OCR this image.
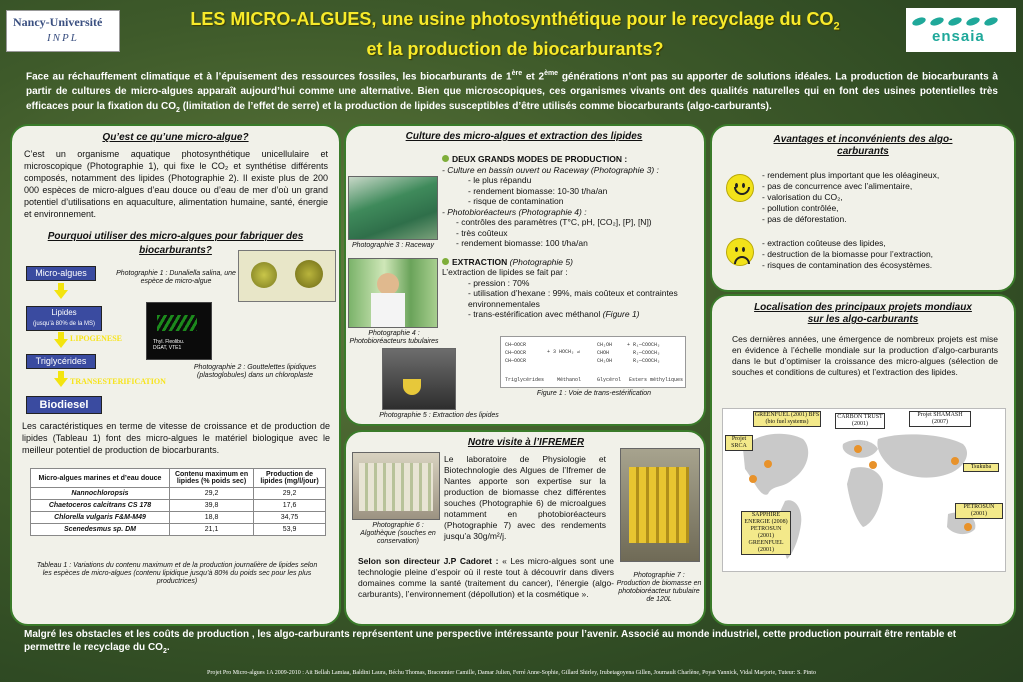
Nancy-Université
INPL
LES MICRO-ALGUES, une usine photosynthétique pour le recyclage du $CO_2$
et la production de biocarburants?
ensaia
Face au réchauffement climatique et à l’épuisement des ressources fossiles, les biocarburants de 1ère et 2ème générations n’ont pas su apporter de solutions idéales. La production de biocarburants à partir de cultures de micro-algues apparaît aujourd’hui comme une alternative. Bien que microscopiques, ces organismes vivants ont des qualités naturelles qui en font des usines potentielles très efficaces pour la fixation du $CO_2$ (limitation de l’effet de serre) et la production de lipides susceptibles d’être utilisés comme biocarburants (algo-carburants).
Qu’est ce qu’une micro-algue?
C’est un organisme aquatique photosynthétique unicellulaire et microscopique (Photographie 1), qui fixe le CO₂ et synthétise différents composés, notamment des lipides (Photographie 2). Il existe plus de 200 000 espèces de micro-algues d’eau douce ou d’eau de mer d’où un grand potentiel d’utilisations en aquaculture, alimentation humaine, santé, énergie et environnement.
Pourquoi utiliser des micro-algues pour fabriquer des biocarburants?
Micro-algues
Lipides
(jusqu’à 80% de la MS)
LIPOGENESE
Triglycérides
TRANSESTERIFICATION
Biodiesel
Photographie 1 : Dunaliella salina, une espèce de micro-algue
Thyl. Fleolibu.
DGAT, VTE1
Photographie 2 : Gouttelettes lipidiques (plastoglobules) dans un chloroplaste
Les caractéristiques en terme de vitesse de croissance et de production de lipides (Tableau 1) font des micro-algues le matériel biologique avec le meilleur potentiel de production de biocarburants.
Micro-algues marines et d’eau douce	Contenu maximum en lipides (% poids sec)	Production de lipides (mg/l/jour)
Nannochloropsis	29,2	29,2
Chaetoceros calcitrans CS 178	39,8	17,6
Chlorella vulgaris F&M-M49	18,8	34,75
Scenedesmus sp. DM	21,1	53,9
Tableau 1 : Variations du contenu maximum et de la production journalière de lipides selon les espèces de micro-algues (contenu lipidique jusqu’à 80% du poids sec pour les plus productrices)
Culture des micro-algues et extraction des lipides
Photographie 3 : Raceway
Photographie 4 : Photobioréacteurs tubulaires
Photographie 5 : Extraction des lipides
DEUX GRANDS MODES DE PRODUCTION :
- Culture en bassin ouvert ou Raceway (Photographie 3) :
- le plus répandu
- rendement biomasse: 10-30 t/ha/an
- risque de contamination
- Photobioréacteurs (Photographie 4) :
- contrôles des paramètres (T°C, pH, [CO₂], [P], [N])
- très coûteux
- rendement biomasse: 100 t/ha/an
EXTRACTION (Photographie 5)
L’extraction de lipides se fait par :
- pression : 70%
- utilisation d’hexane : 99%, mais coûteux et contraintes environnementales
- trans-estérification avec méthanol (Figure 1)
CH—OOCR
CH—OOCR
CH—OOCR
+ 3 HOCH₃ ⇌
CH₂OH
CHOH
CH₂OH
+ R₁—COOCH₃
R₂—COOCH₃
R₃—COOCH₃
Triglycérides	Méthanol	Glycérol Esters méthyliques
Figure 1 : Voie de trans-estérification
Notre visite à l’IFREMER
Photographie 6 : Algothèque (souches en conservation)
Le laboratoire de Physiologie et Biotechnologie des Algues de l’Ifremer de Nantes apporte son expertise sur la production de biomasse chez différentes souches (Photographie 6) de microalgues notamment en photobioréacteurs (Photographie 7) avec des rendements jusqu’a 30g/m²/j.
Photographie 7 : Production de biomasse en photobioréacteur tubulaire de 120L
Selon son directeur J.P Cadoret : « Les micro-algues sont une technologie pleine d’espoir où il reste tout à découvrir dans divers domaines comme la santé (traitement du cancer), l’énergie (algo-carburants), l’environnement (dépollution) et la cosmétique ».
Avantages et inconvénients des algo-carburants
- rendement plus important que les oléagineux,
- pas de concurrence avec l’alimentaire,
- valorisation du CO₂,
- pollution contrôlée,
- pas de déforestation.
- extraction coûteuse des lipides,
- destruction de la biomasse pour l’extraction,
- risques de contamination des écosystèmes.
Localisation des principaux projets mondiaux sur les algo-carburants
Ces dernières années, une émergence de nombreux projets est mise en évidence à l’échelle mondiale sur la production d’algo-carburants dans le but d’optimiser la croissance des micro-algues (sélection de souches et conditions de cultures) et l’extraction des lipides.
GREENFUEL (2001) BFS (bio fuel systems)
CARBON TRUST (2001)
Projet SHAMASH (2007)
Projet SRCA
Tsukuba
PETROSUN (2001)
SAPPHIRE ENERGIE (2008) PETROSUN (2001) GREENFUEL (2001)
Malgré les obstacles et les coûts de production , les algo-carburants représentent une perspective intéressante pour l’avenir. Associé au monde industriel, cette production pourrait être rentable et permettre le recyclage du $CO_2$.
Projet Pro Micro-algues 1A 2009-2010 : Ait Bellah Lamiaa, Baldini Laura, Béchu Thomas, Braconnier Camille, Damar Julien, Ferré Anne-Sophie, Gillard Shirley, Irubetagoyena Gillen, Journault Charlène, Poyat Yannick, Vidal Marjorie, Tuteur: S. Pinto
